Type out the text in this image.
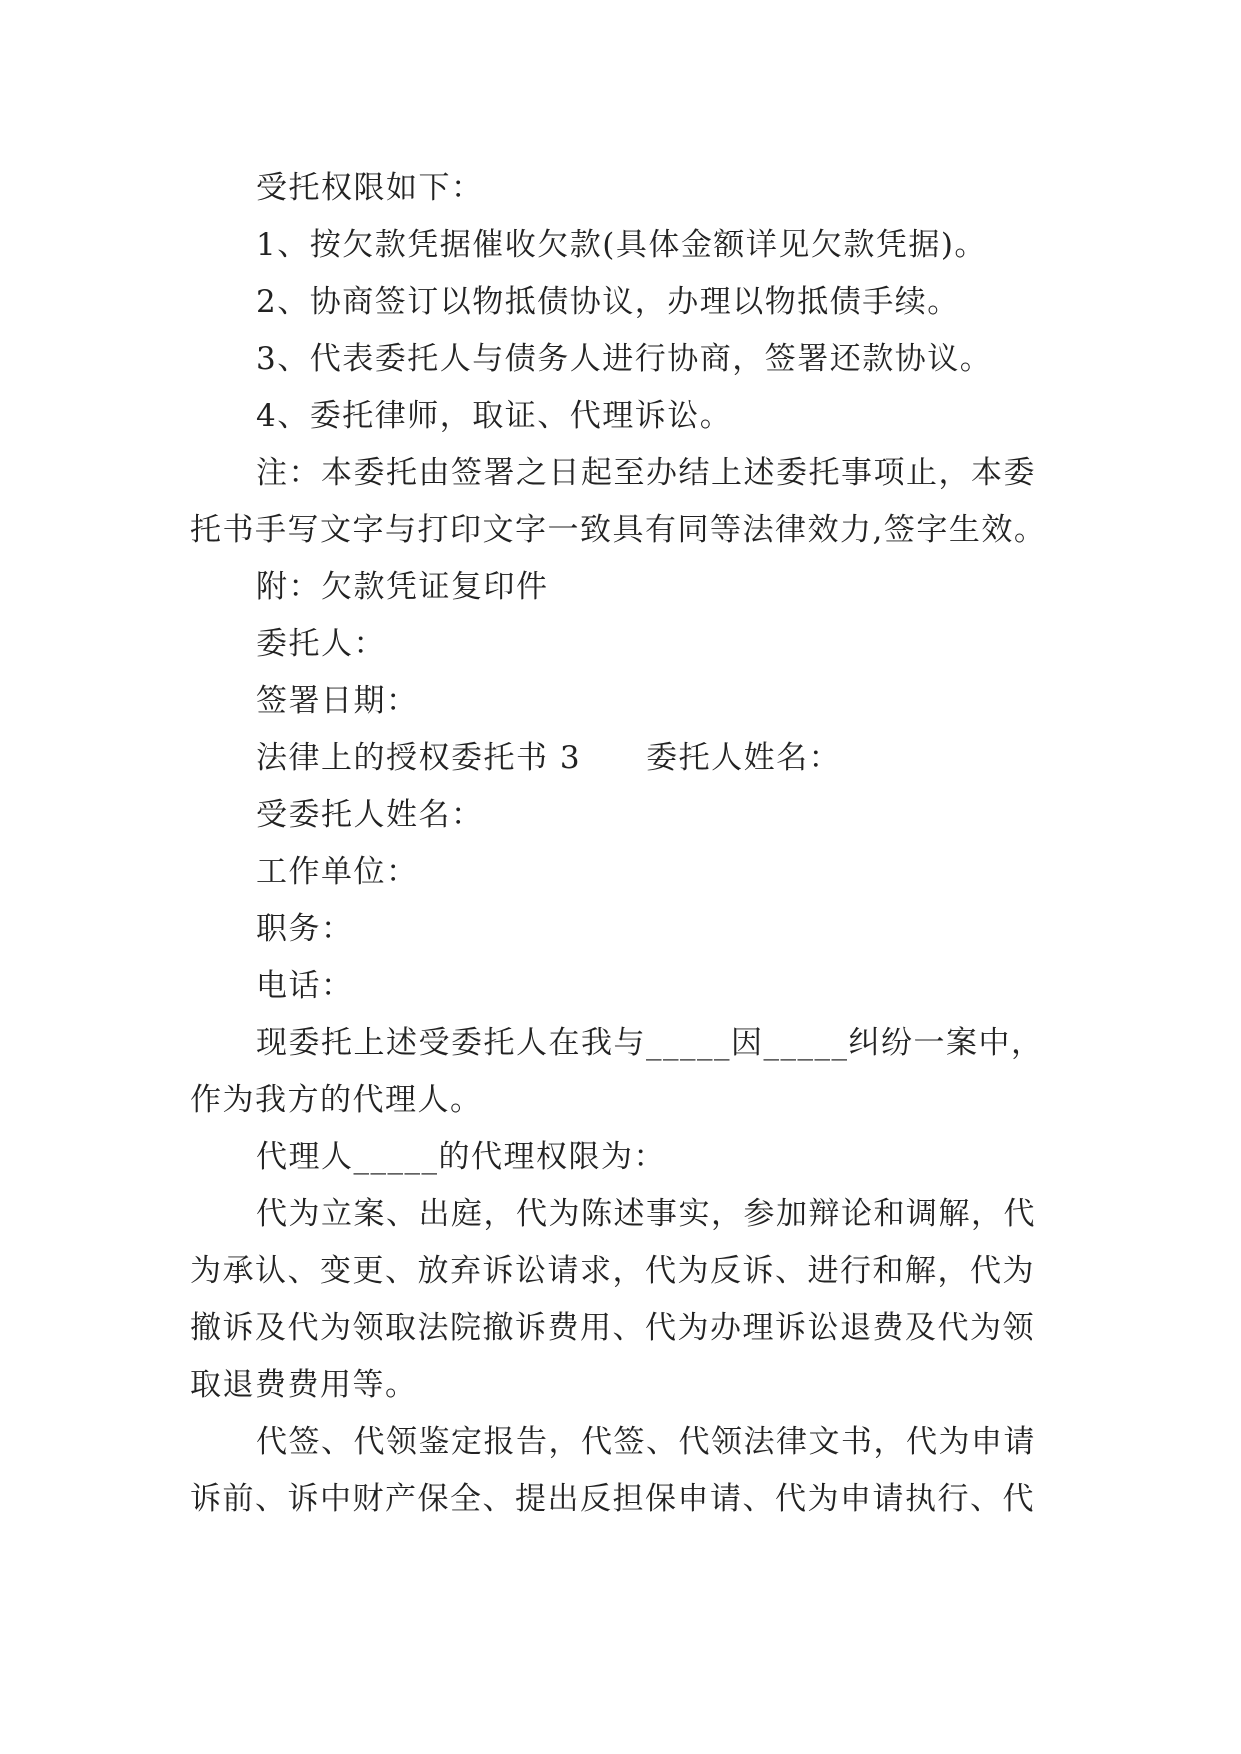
受托权限如下：

1、按欠款凭据催收欠款(具体金额详见欠款凭据)。

2、协商签订以物抵债协议，办理以物抵债手续。

3、代表委托人与债务人进行协商，签署还款协议。

4、委托律师，取证、代理诉讼。

注：本委托由签署之日起至办结上述委托事项止，本委托书手写文字与打印文字一致具有同等法律效力,签字生效。

附：欠款凭证复印件

委托人：

签署日期：

法律上的授权委托书 3　　委托人姓名：

受委托人姓名：

工作单位：

职务：

电话：

现委托上述受委托人在我与_____因_____纠纷一案中，作为我方的代理人。

代理人_____的代理权限为：

代为立案、出庭，代为陈述事实，参加辩论和调解，代为承认、变更、放弃诉讼请求，代为反诉、进行和解，代为撤诉及代为领取法院撤诉费用、代为办理诉讼退费及代为领取退费费用等。

代签、代领鉴定报告，代签、代领法律文书，代为申请诉前、诉中财产保全、提出反担保申请、代为申请执行、代
